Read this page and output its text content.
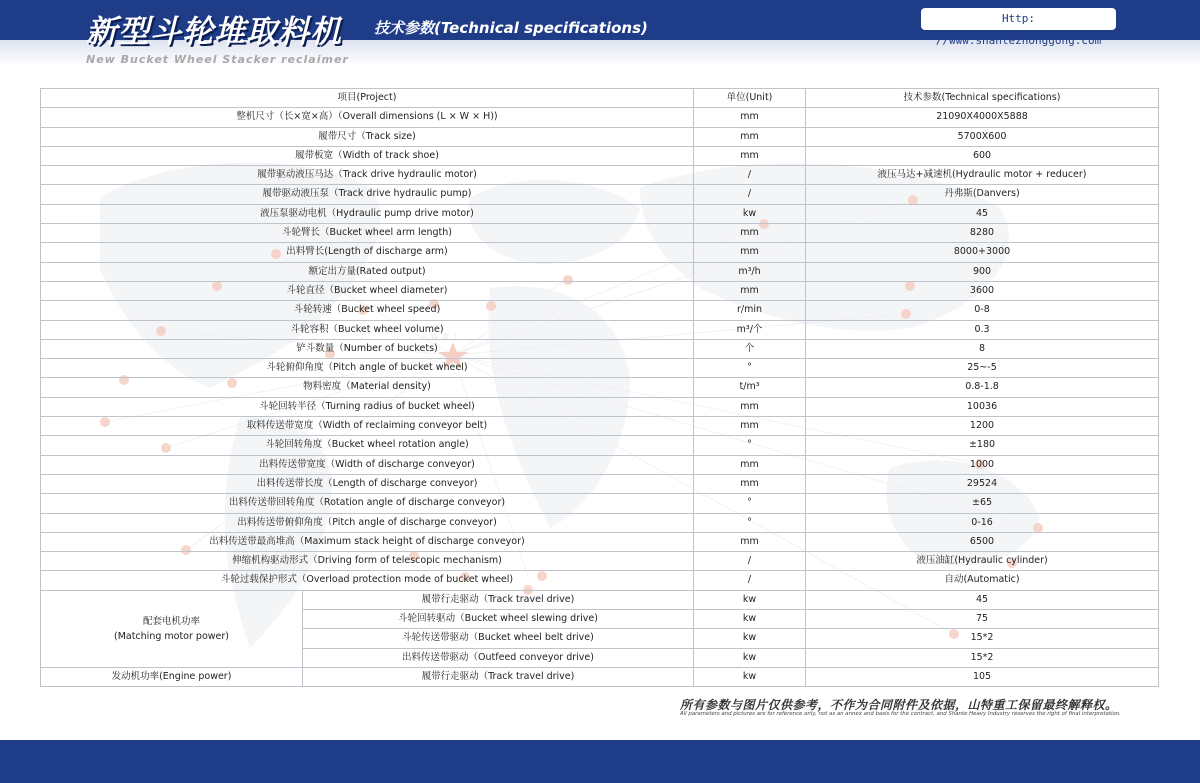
新型斗轮堆取料机
New Bucket Wheel Stacker reclaimer
技术参数(Technical specifications)
Http: //www.shantezhonggong.com
项目(Project)		单位(Unit)	技术参数(Technical specifications)
整机尺寸（长×宽×高）（Overall dimensions (L × W × H))		mm	21090X4000X5888
履带尺寸（Track size)		mm	5700X600
履带板宽（Width of track shoe)		mm	600
履带驱动液压马达（Track drive hydraulic motor)		/	液压马达+减速机(Hydraulic motor + reducer)
履带驱动液压泵（Track drive hydraulic pump)		/	丹弗斯(Danvers)
液压泵驱动电机（Hydraulic pump drive motor)		kw	45
斗轮臂长（Bucket wheel arm length)		mm	8280
出料臂长(Length of discharge arm)		mm	8000+3000
额定出方量(Rated output)		m³/h	900
斗轮直径（Bucket wheel diameter)		mm	3600
斗轮转速（Bucket wheel speed)		r/min	0-8
斗轮容积（Bucket wheel volume)		m³/个	0.3
铲斗数量（Number of buckets)		个	8
斗轮俯仰角度（Pitch angle of bucket wheel)		°	25~-5
物料密度（Material density)		t/m³	0.8-1.8
斗轮回转半径（Turning radius of bucket wheel)		mm	10036
取料传送带宽度（Width of reclaiming conveyor belt)		mm	1200
斗轮回转角度（Bucket wheel rotation angle)		°	±180
出料传送带宽度（Width of discharge conveyor)		mm	1000
出料传送带长度（Length of discharge conveyor)		mm	29524
出料传送带回转角度（Rotation angle of discharge conveyor)		°	±65
出料传送带俯仰角度（Pitch angle of discharge conveyor)		°	0-16
出料传送带最高堆高（Maximum stack height of discharge conveyor)		mm	6500
伸缩机构驱动形式（Driving form of telescopic mechanism)		/	液压油缸(Hydraulic cylinder)
斗轮过载保护形式（Overload protection mode of bucket wheel)		/	自动(Automatic)
配套电机功率
(Matching motor power)	履带行走驱动（Track travel drive)	kw	45
	斗轮回转驱动（Bucket wheel slewing drive)	kw	75
	斗轮传送带驱动（Bucket wheel belt drive)	kw	15*2
	出料传送带驱动（Outfeed conveyor drive)	kw	15*2
发动机功率(Engine power)	履带行走驱动（Track travel drive)	kw	105
所有参数与图片仅供参考，不作为合同附件及依据，山特重工保留最终解释权。
All parameters and pictures are for reference only, not as an annex and basis for the contract, and Shante Heavy Industry reserves the right of final interpretation.
